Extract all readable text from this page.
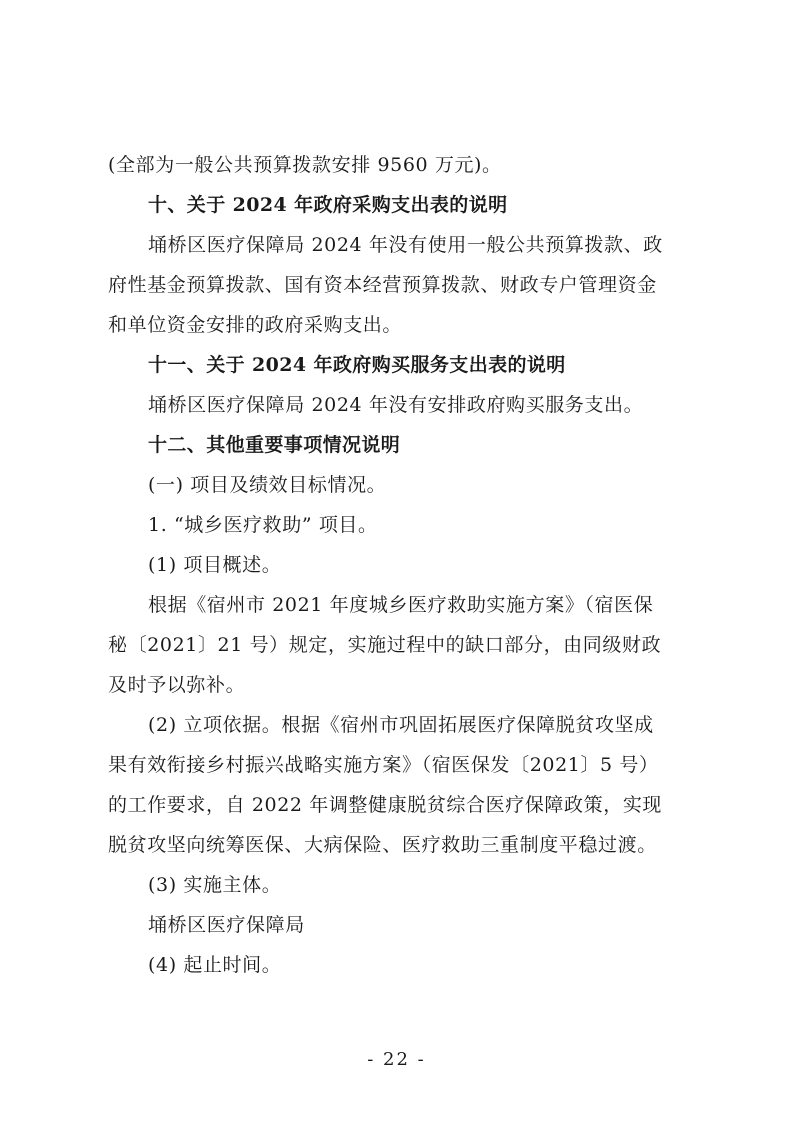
(全部为一般公共预算拨款安排 9560 万元)。
十、关于 2024 年政府采购支出表的说明
埇桥区医疗保障局 2024 年没有使用一般公共预算拨款、政
府性基金预算拨款、国有资本经营预算拨款、财政专户管理资金
和单位资金安排的政府采购支出。
十一、关于 2024 年政府购买服务支出表的说明
埇桥区医疗保障局 2024 年没有安排政府购买服务支出。
十二、其他重要事项情况说明
(一) 项目及绩效目标情况。
1. “城乡医疗救助” 项目。
(1) 项目概述。
根据《宿州市 2021 年度城乡医疗救助实施方案》（宿医保
秘〔2021〕21 号）规定，实施过程中的缺口部分，由同级财政
及时予以弥补。
(2) 立项依据。根据《宿州市巩固拓展医疗保障脱贫攻坚成
果有效衔接乡村振兴战略实施方案》（宿医保发〔2021〕5 号）
的工作要求，自 2022 年调整健康脱贫综合医疗保障政策，实现
脱贫攻坚向统筹医保、大病保险、医疗救助三重制度平稳过渡。
(3) 实施主体。
埇桥区医疗保障局
(4) 起止时间。
- 22 -
